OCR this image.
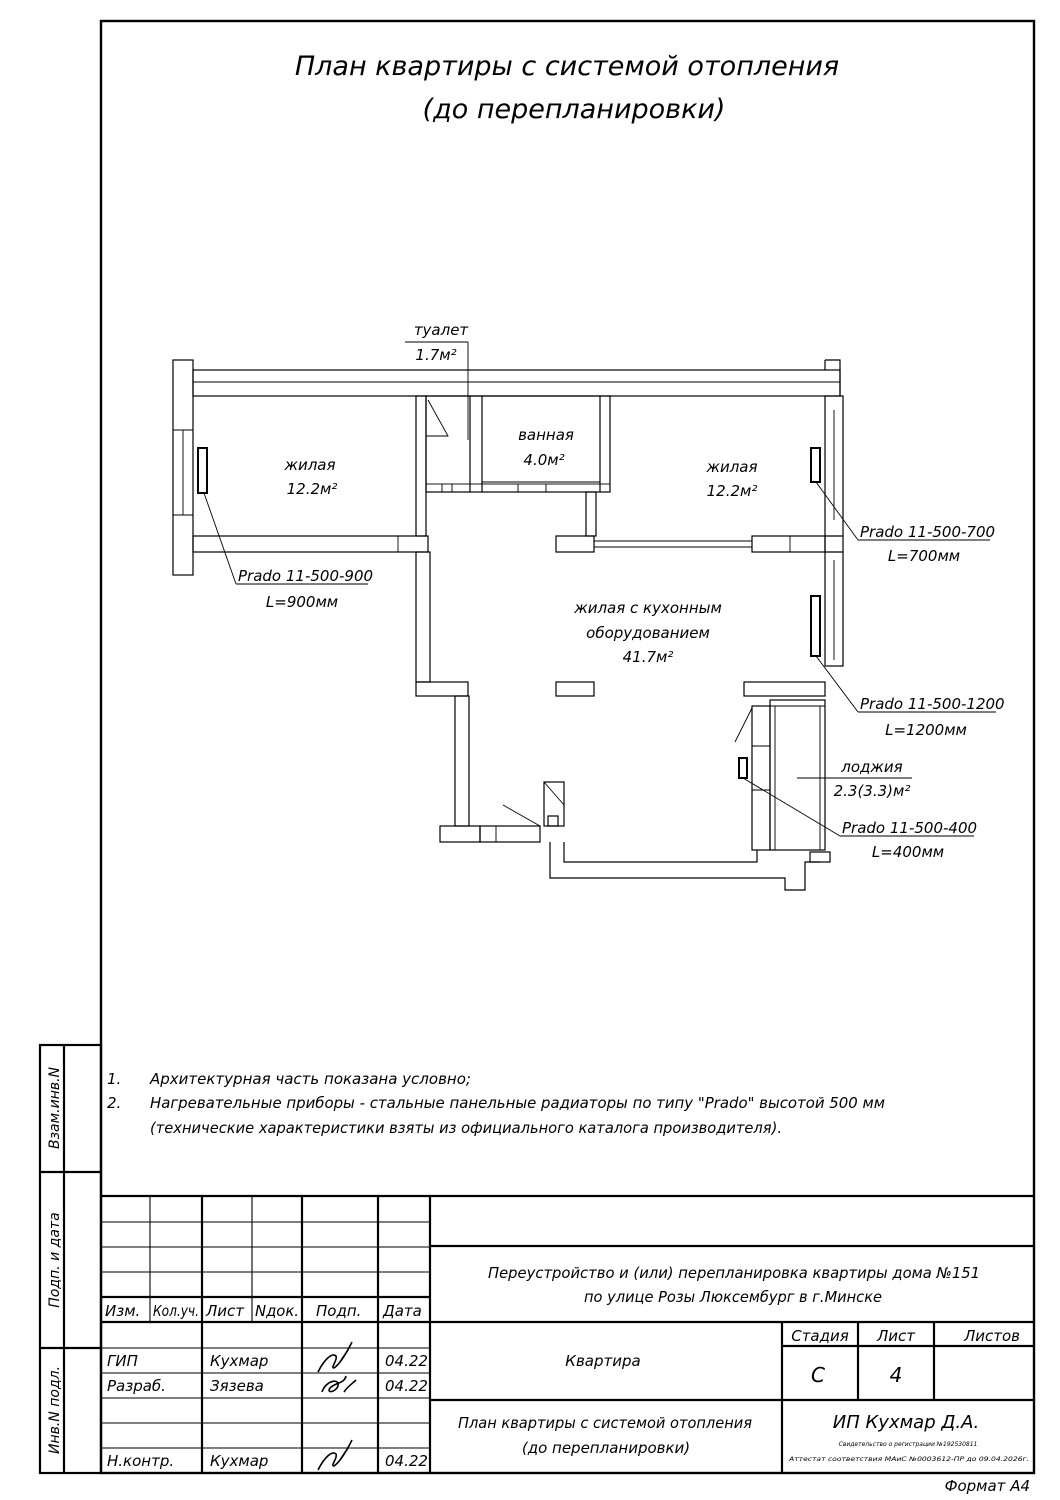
План квартиры с системой отопления
(до перепланировки)
жилая
12.2м²
туалет
1.7м²
ванная
4.0м²	жилая
12.2м²
жилая с кухонным
оборудованием
41.7м²
лоджия
2.3(3.3)м²
Prado 11-500-900
L=900мм
Prado 11-500-700
L=700мм
Prado 11-500-1200
L=1200мм
Prado 11-500-400
L=400мм
1. Архитектурная часть показана условно;
2. Нагревательные приборы - стальные панельные радиаторы по типу "Prado" высотой 500 мм
(технические характеристики взяты из официального каталога производителя).
Взам.инв.N
Подп. и дата
Инв.N подл.
Изм. Кол.уч. Лист Nдок. Подп. Дата
ГИП	Кухмар	04.22
Разраб.	Зязева	04.22
Н.контр. Кухмар	04.22
Переустройство и (или) перепланировка квартиры дома №151
по улице Розы Люксембург в г.Минске
Квартира
Стадия Лист	Листов
С	4
План квартиры с системой отопления
(до перепланировки)
ИП Кухмар Д.А.
Свидетельство о регистрации №192530811
Аттестат соответствия МАиС №0003612-ПР до 09.04.2026г.
Формат А4
